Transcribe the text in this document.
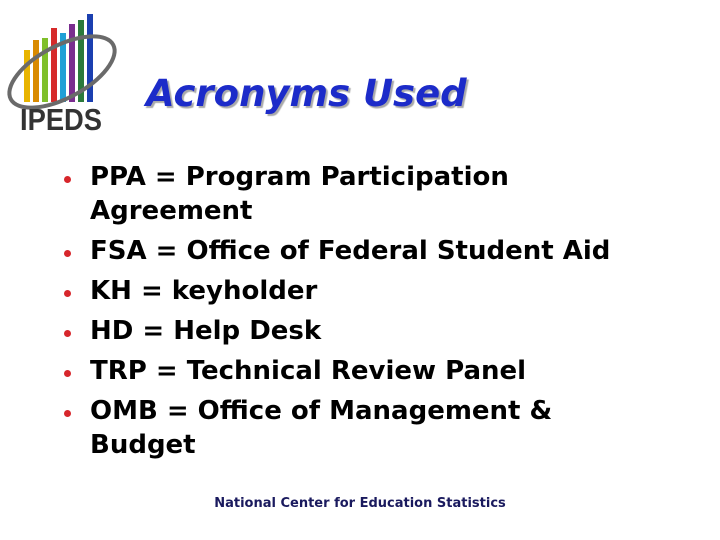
IPEDS
Acronyms Used
PPA = Program Participation Agreement
FSA = Office of Federal Student Aid
KH = keyholder
HD = Help Desk
TRP = Technical Review Panel
OMB = Office of Management & Budget
National Center for Education Statistics
